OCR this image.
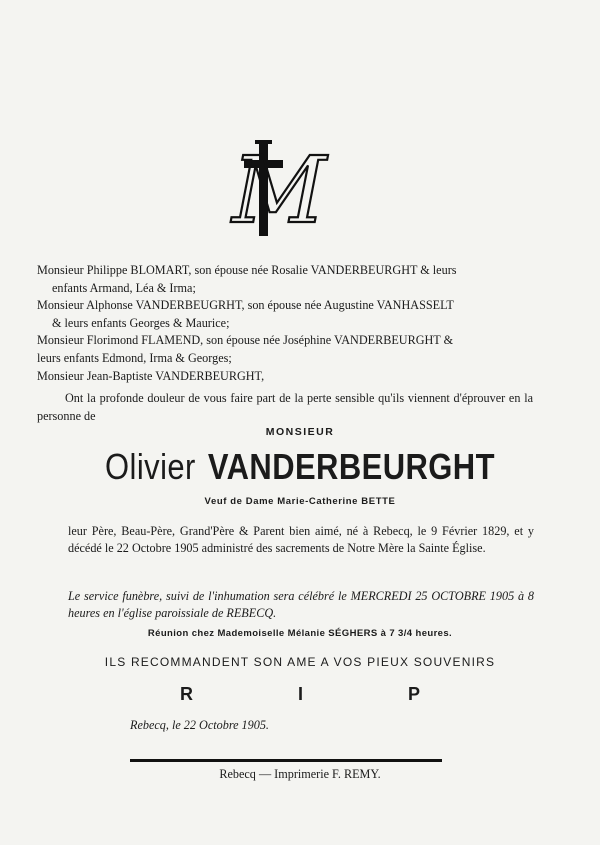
M

Monsieur Philippe BLOMART, son épouse née Rosalie VANDERBEURGHT & leurs

enfants Armand, Léa & Irma;

Monsieur Alphonse VANDERBEUGRHT, son épouse née Augustine VANHASSELT

& leurs enfants Georges & Maurice;

Monsieur Florimond FLAMEND, son épouse née Joséphine VANDERBEURGHT &

leurs enfants Edmond, Irma & Georges;

Monsieur Jean-Baptiste VANDERBEURGHT,

Ont la profonde douleur de vous faire part de la perte sensible qu'ils viennent d'éprouver en la personne de
MONSIEUR
Olivier VANDERBEURGHT
Veuf de Dame Marie-Catherine BETTE
leur Père, Beau-Père, Grand'Père & Parent bien aimé, né à Rebecq, le 9 Février 1829, et y décédé le 22 Octobre 1905 administré des sacrements de Notre Mère la Sainte Église.
Le service funèbre, suivi de l'inhumation sera célébré le MERCREDI 25 OCTOBRE 1905 à 8 heures en l'église paroissiale de REBECQ.
Réunion chez Mademoiselle Mélanie SÉGHERS à 7 3/4 heures.
ILS RECOMMANDENT SON AME A VOS PIEUX SOUVENIRS
R	I	P
Rebecq, le 22 Octobre 1905.
Rebecq — Imprimerie F. REMY.
